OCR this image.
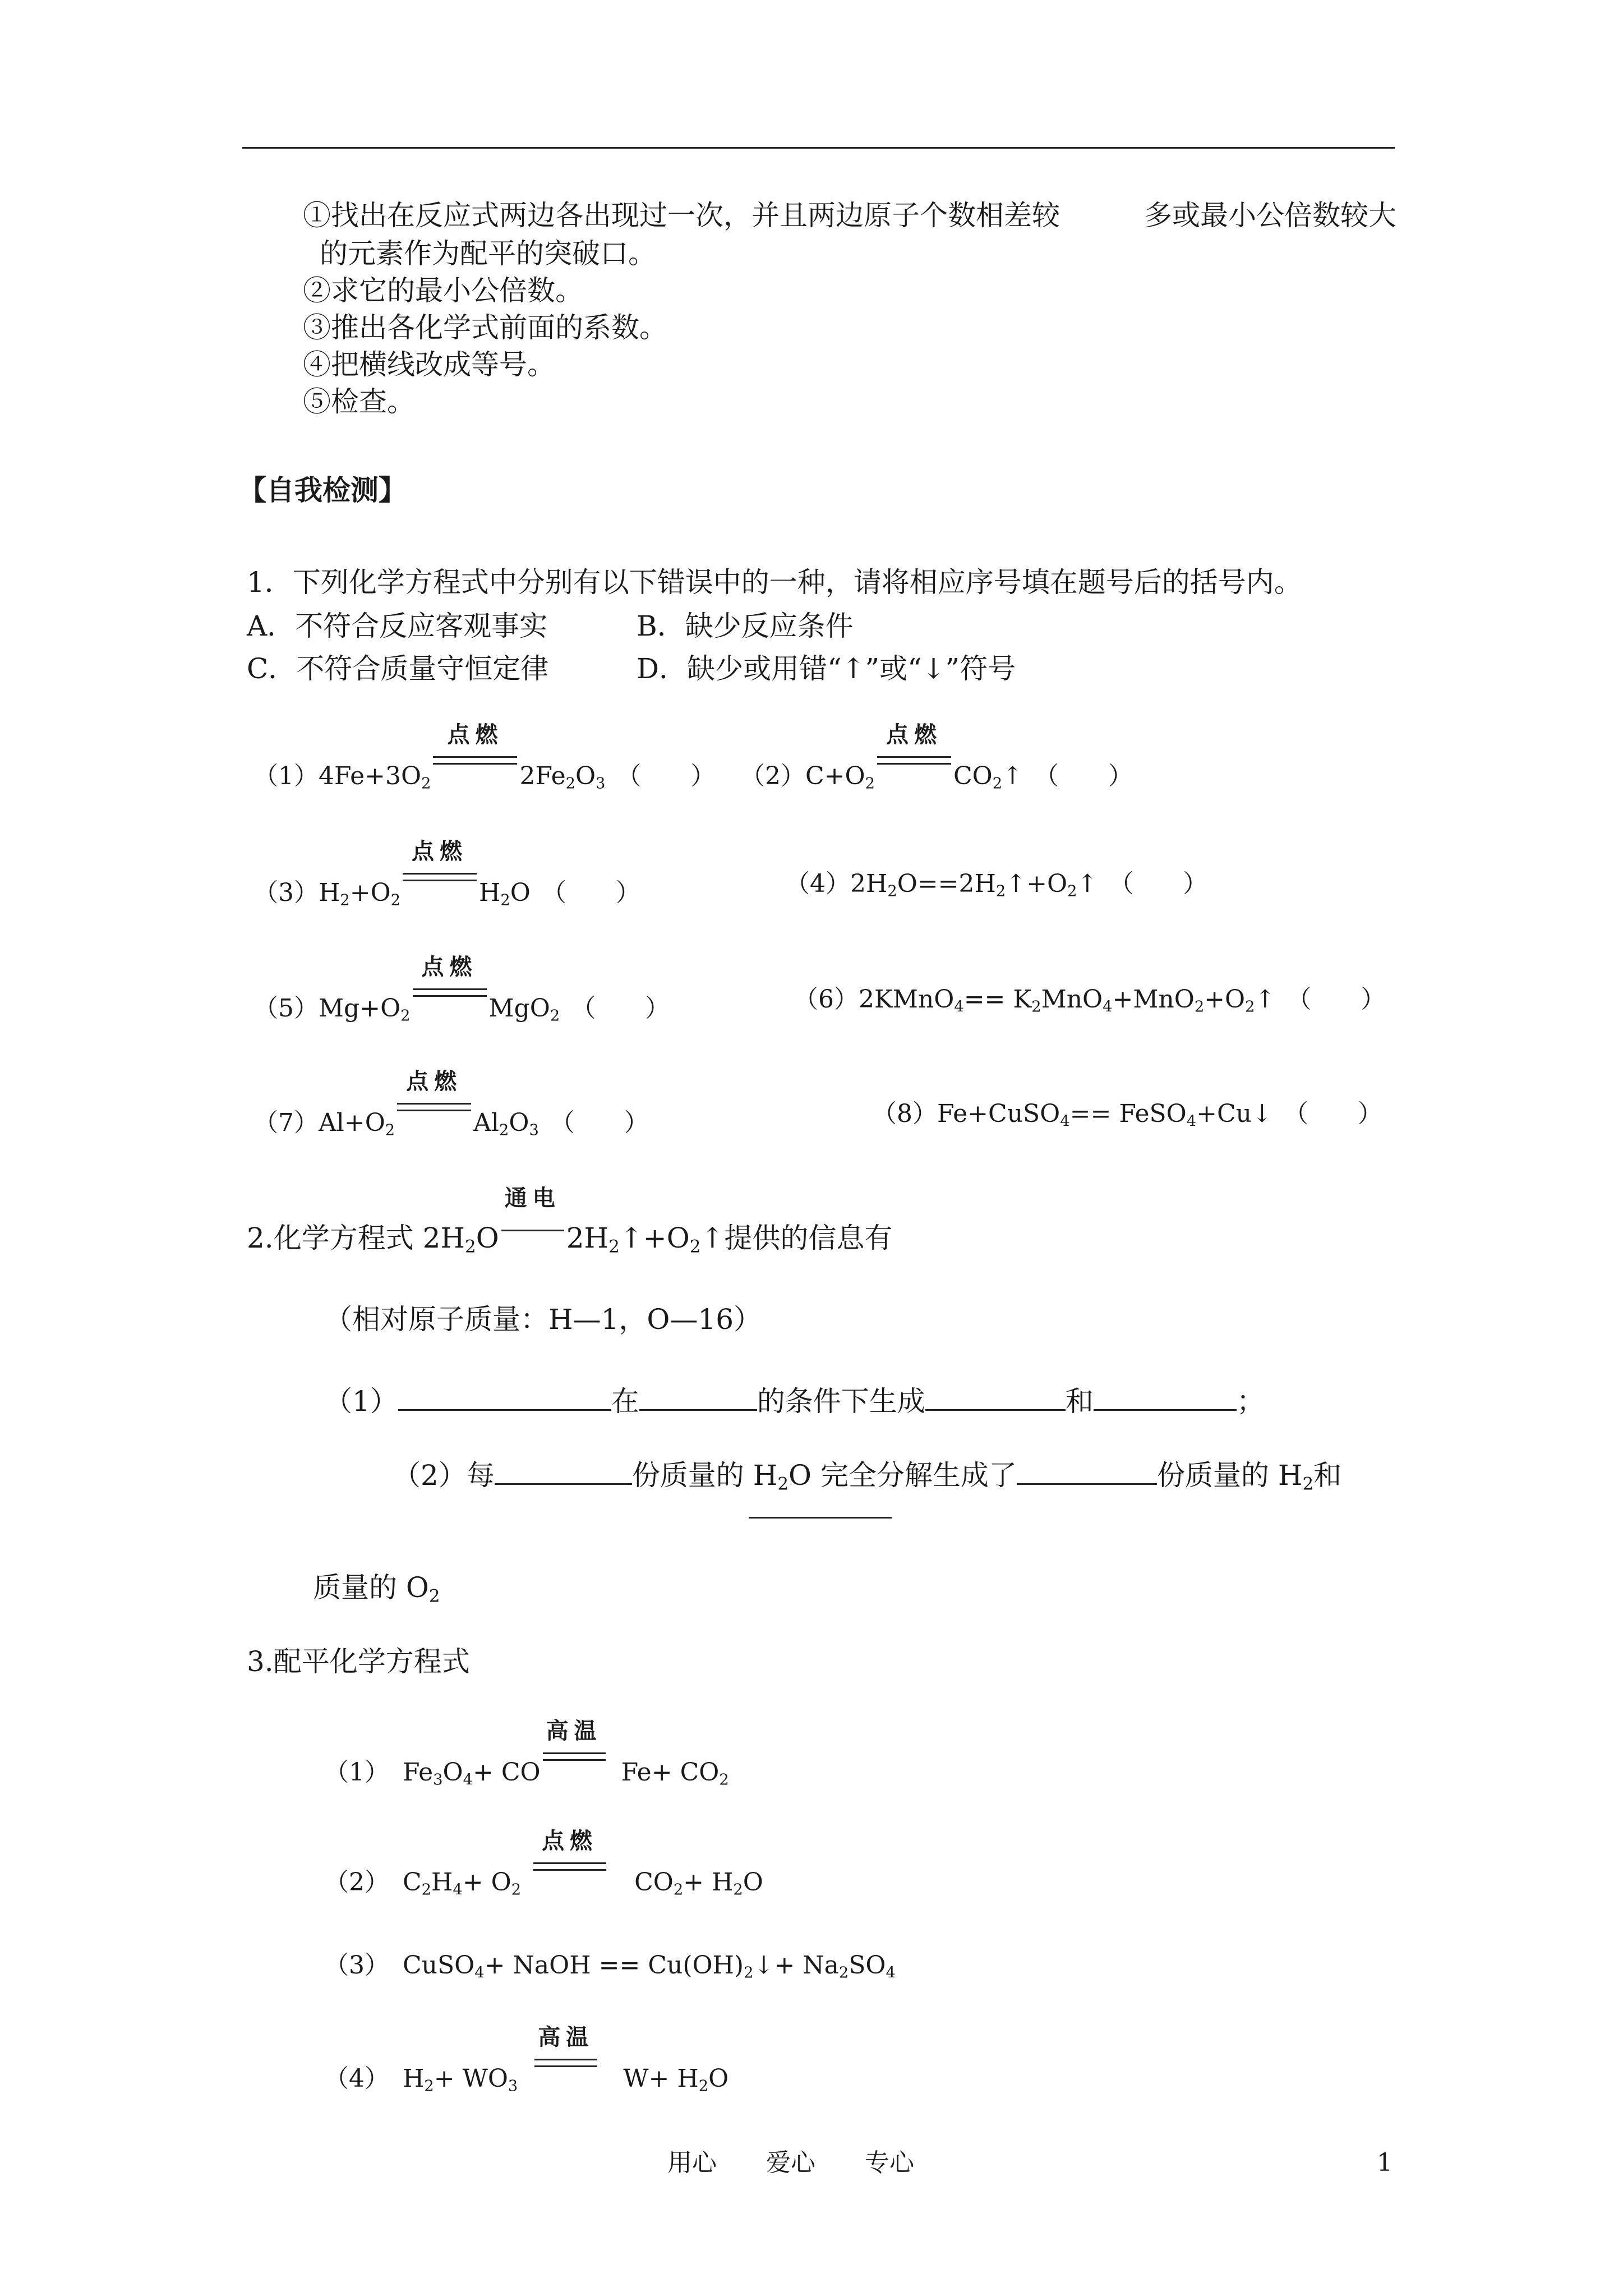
①找出在反应式两边各出现过一次，并且两边原子个数相差较	多或最小公倍数较大
的元素作为配平的突破口。
②求它的最小公倍数。
③推出各化学式前面的系数。
④把横线改成等号。
⑤检查。
【自我检测】
1．下列化学方程式中分别有以下错误中的一种，请将相应序号填在题号后的括号内。
A．不符合反应客观事实	B．缺少反应条件
C．不符合质量守恒定律	D．缺少或用错“↑”或“↓”符号
$(1)4Fe+3O_2$
点燃
$2Fe_2O_3$ （　　） $(2)C+O_2$
点燃
$CO_2↑$ （　　）
$(3)H_2+O_2$
点燃
$H_2O$ （　　）	$(4)2H_2O==2H_2↑+O_2↑$ （　　）
$(5)Mg+O_2$
点燃
MgO$_2$ （　　）	（6）2KMnO$_4$== $K_2MnO_4+MnO_2+O_2↑$ （　　）
$(7)Al+O_2$
点燃
$Al_2O_3$ （　　）	（8）Fe+CuSO$_4$== FeSO$_4$+Cu↓ （　　）
2.化学方程式 $2H_2O$
通电
$2H_2↑+O_2↑$提供的信息有
（相对原子质量：H—1，O—16）
（1）	在	的条件下生成	和	；
（2）每	份质量的 $H_2O$ 完全分解生成了	份质量的 $H_2$和
质量的 $O_2$
3.配平化学方程式
（1） $Fe_3O_4+$ CO
高温
$Fe+ CO_2$
（2） $C_2H_4+ O_2$
点燃
$CO_2+ H_2O$
（3） CuSO$_4$+ NaOH == $Cu(OH)_2↓+ Na_2SO_4$
（4） $H_2+ WO_3$
高温
$W+ H_2O$
用心　　爱心　　专心	1
